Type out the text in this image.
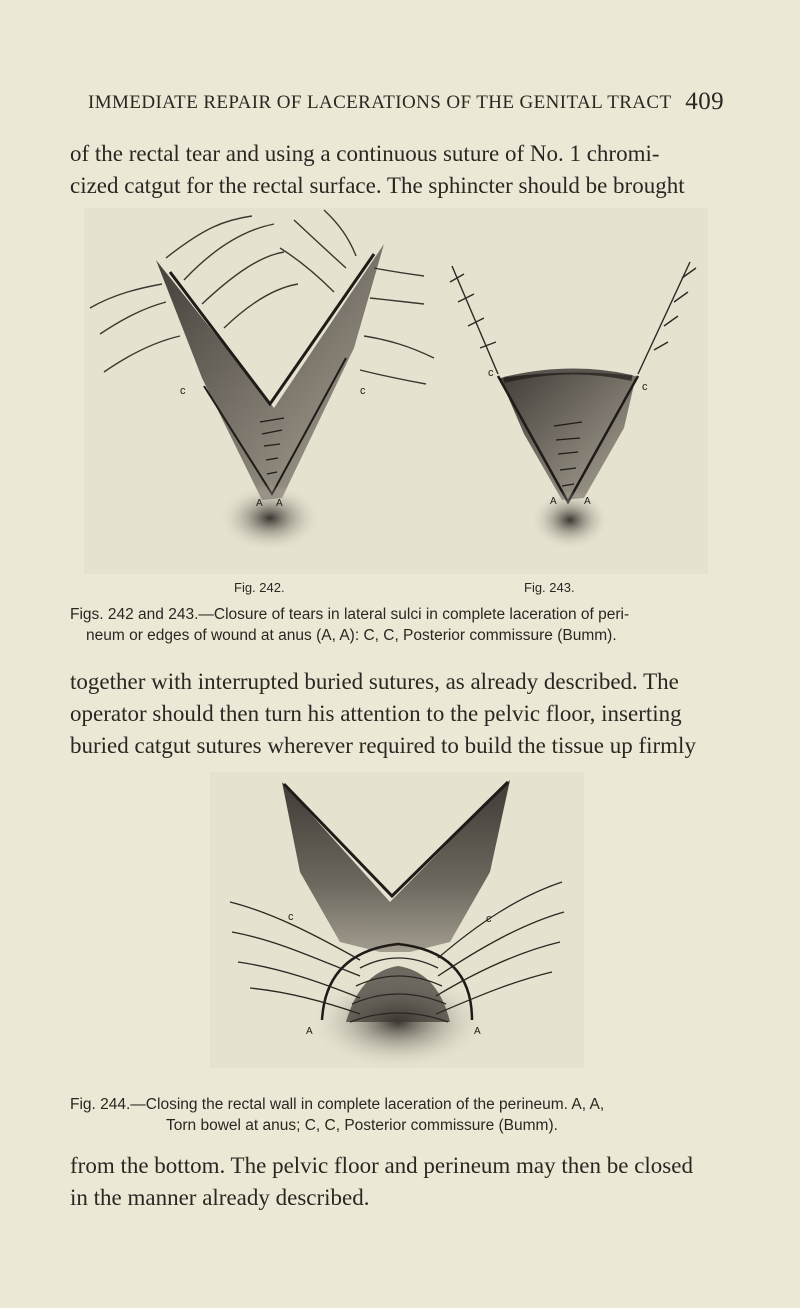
IMMEDIATE REPAIR OF LACERATIONS OF THE GENITAL TRACT 409

of the rectal tear and using a continuous suture of No. 1 chromi-
cized catgut for the rectal surface. The sphincter should be brought

c	c
A A
c
c
A	A
Fig. 242.	Fig. 243.

Figs. 242 and 243.—Closure of tears in lateral sulci in complete laceration of peri-
neum or edges of wound at anus (A, A): C, C, Posterior commissure (Bumm).

together with interrupted buried sutures, as already described. The
operator should then turn his attention to the pelvic floor, inserting
buried catgut sutures wherever required to build the tissue up firmly

c	c
A	A

Fig. 244.—Closing the rectal wall in complete laceration of the perineum. A, A,
Torn bowel at anus; C, C, Posterior commissure (Bumm).

from the bottom. The pelvic floor and perineum may then be closed
in the manner already described.
